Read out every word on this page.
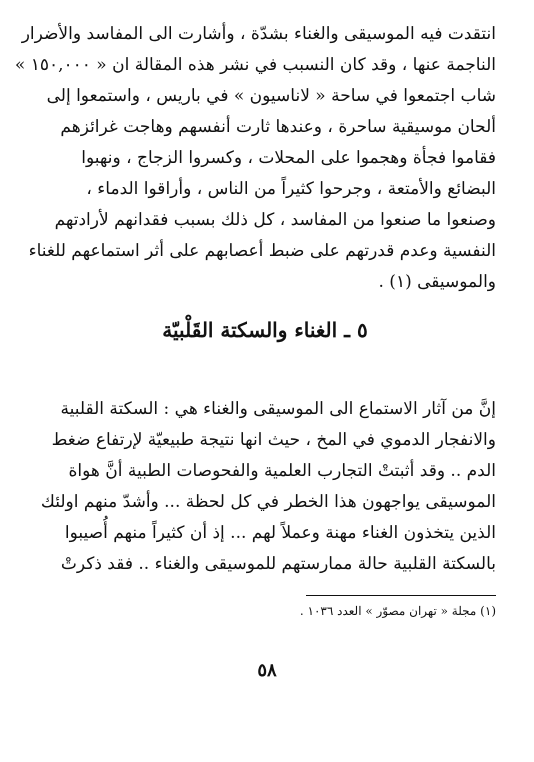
انتقدت فيه الموسيقى والغناء بشدّة ، وأشارت الى المفاسد والأضرار
الناجمة عنها ، وقد كان النسبب في نشر هذه المقالة ان « ١٥٠,٠٠٠ »
شاب اجتمعوا في ساحة « لاناسيون » في باريس ، واستمعوا إلى
ألحان موسيقية ساحرة ، وعندها ثارت أنفسهم وهاجت غرائزهم
فقاموا فجأة وهجموا على المحلات ، وكسروا الزجاج ، ونهبوا
البضائع والأمتعة ، وجرحوا كثيراً من الناس ، وأراقوا الدماء ،
وصنعوا ما صنعوا من المفاسد ، كل ذلك بسبب فقدانهم لأرادتهم
النفسية وعدم قدرتهم على ضبط أعصابهم على أثر استماعهم للغناء
والموسيقى (١) .
٥ ـ الغناء والسكتة القَلْبيّة
إنَّ من آثار الاستماع الى الموسيقى والغناء هي : السكتة القلبية
والانفجار الدموي في المخ ، حيث انها نتيجة طبيعيّة لإرتفاع ضغط
الدم .. وقد أثبتتْ التجارب العلمية والفحوصات الطبية أنَّ هواة
الموسيقى يواجهون هذا الخطر في كل لحظة ... وأشدّ منهم اولئك
الذين يتخذون الغناء مهنة وعملاً لهم ... إذ أن كثيراً منهم أُصيبوا
بالسكتة القلبية حالة ممارستهم للموسيقى والغناء .. فقد ذكرتْ
(١) مجلة « تهران مصوّر » العدد ١٠٣٦ .
٥٨
